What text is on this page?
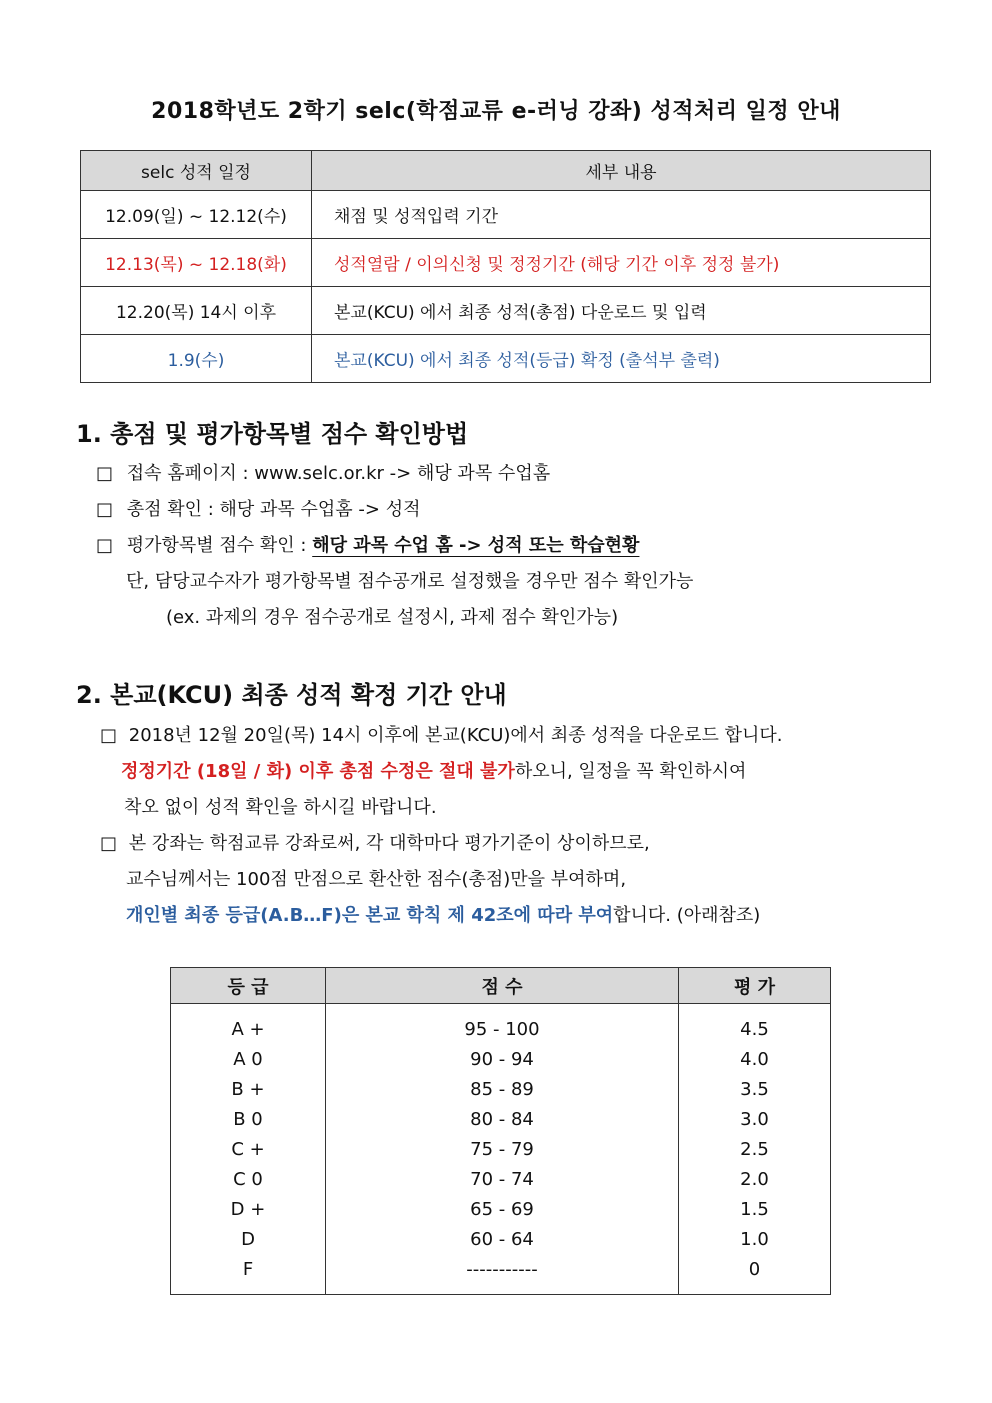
2018학년도 2학기 selc(학점교류 e-러닝 강좌) 성적처리 일정 안내
selc 성적 일정	세부 내용
12.09(일) ~ 12.12(수)	채점 및 성적입력 기간
12.13(목) ~ 12.18(화)	성적열람 / 이의신청 및 정정기간 (해당 기간 이후 정정 불가)
12.20(목) 14시 이후	본교(KCU) 에서 최종 성적(총점) 다운로드 및 입력
1.9(수)	본교(KCU) 에서 최종 성적(등급) 확정 (출석부 출력)
1. 총점 및 평가항목별 점수 확인방법
□ 접속 홈페이지 : www.selc.or.kr -> 해당 과목 수업홈
□ 총점 확인 : 해당 과목 수업홈 -> 성적
□ 평가항목별 점수 확인 : 해당 과목 수업 홈 -> 성적 또는 학습현황
단, 담당교수자가 평가항목별 점수공개로 설정했을 경우만 점수 확인가능
(ex. 과제의 경우 점수공개로 설정시, 과제 점수 확인가능)
2. 본교(KCU) 최종 성적 확정 기간 안내
□ 2018년 12월 20일(목) 14시 이후에 본교(KCU)에서 최종 성적을 다운로드 합니다.
정정기간 (18일 / 화) 이후 총점 수정은 절대 불가하오니, 일정을 꼭 확인하시여
착오 없이 성적 확인을 하시길 바랍니다.
□ 본 강좌는 학점교류 강좌로써, 각 대학마다 평가기준이 상이하므로,
교수님께서는 100점 만점으로 환산한 점수(총점)만을 부여하며,
개인별 최종 등급(A.B…F)은 본교 학칙 제 42조에 따라 부여합니다. (아래참조)
등 급	점 수	평 가
A +	95 - 100	4.5
A 0	90 - 94	4.0
B +	85 - 89	3.5
B 0	80 - 84	3.0
C +	75 - 79	2.5
C 0	70 - 74	2.0
D +	65 - 69	1.5
D	60 - 64	1.0
F	-----------	0
